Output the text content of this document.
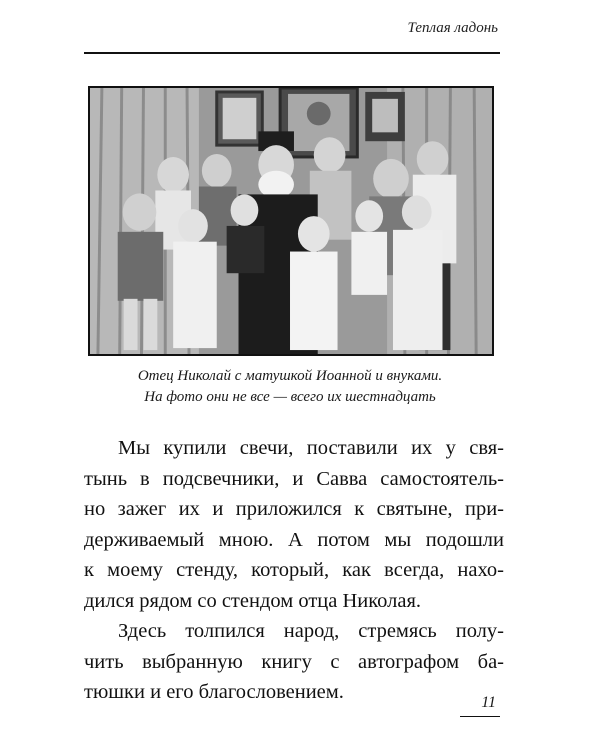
Теплая ладонь
Отец Николай с матушкой Иоанной и внуками.
На фото они не все — всего их шестнадцать
Мы купили свечи, поставили их у свя-
тынь в подсвечники, и Савва самостоятель-
но зажег их и приложился к святыне, при-
держиваемый мною. А потом мы подошли
к моему стенду, который, как всегда, нахо-
дился рядом со стендом отца Николая.
Здесь толпился народ, стремясь полу-
чить выбранную книгу с автографом ба-
тюшки и его благословением.	11
